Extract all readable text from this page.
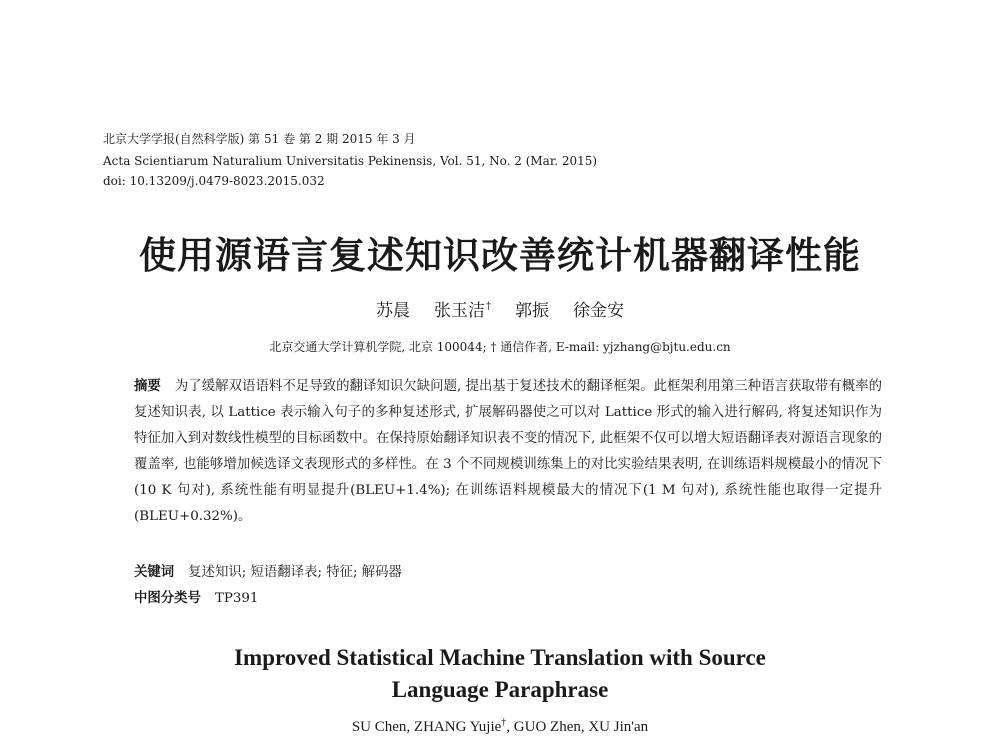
北京大学学报(自然科学版) 第 51 卷 第 2 期 2015 年 3 月
Acta Scientiarum Naturalium Universitatis Pekinensis, Vol. 51, No. 2 (Mar. 2015)
doi: 10.13209/j.0479-8023.2015.032
使用源语言复述知识改善统计机器翻译性能
苏晨 张玉洁† 郭振 徐金安
北京交通大学计算机学院, 北京 100044; † 通信作者, E-mail: yjzhang@bjtu.edu.cn
摘要 为了缓解双语语料不足导致的翻译知识欠缺问题, 提出基于复述技术的翻译框架。此框架利用第三种语言获取带有概率的复述知识表, 以 Lattice 表示输入句子的多种复述形式, 扩展解码器使之可以对 Lattice 形式的输入进行解码, 将复述知识作为特征加入到对数线性模型的目标函数中。在保持原始翻译知识表不变的情况下, 此框架不仅可以增大短语翻译表对源语言现象的覆盖率, 也能够增加候选译文表现形式的多样性。在 3 个不同规模训练集上的对比实验结果表明, 在训练语料规模最小的情况下(10 K 句对), 系统性能有明显提升(BLEU+1.4%); 在训练语料规模最大的情况下(1 M 句对), 系统性能也取得一定提升(BLEU+0.32%)。
关键词 复述知识; 短语翻译表; 特征; 解码器
中图分类号 TP391
Improved Statistical Machine Translation with Source
Language Paraphrase
SU Chen, ZHANG Yujie†, GUO Zhen, XU Jin'an
